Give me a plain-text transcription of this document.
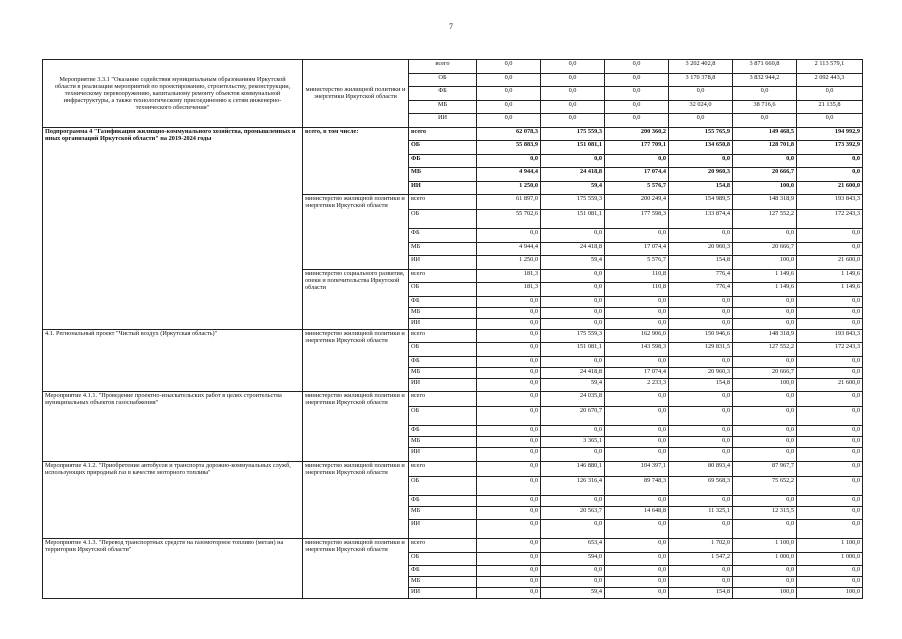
7
Мероприятие 3.3.1 "Оказание содействия муниципальным образованиям Иркутской области в реализации мероприятий по проектированию, строительству, реконструкции, техническому перевооружению, капитальному ремонту объектов коммунальной инфраструктуры, а также технологическому присоединению к сетям инженерно-технического обеспечения"	министерство жилищной политики и энергетики Иркутской области	всего	0,0	0,0	0,0	3 202 402,8	3 871 660,8	2 113 579,1
		ОБ	0,0	0,0	0,0	3 170 378,8	3 832 944,2	2 092 443,3
		ФБ	0,0	0,0	0,0	0,0	0,0	0,0
		МБ	0,0	0,0	0,0	32 024,0	38 716,6	21 135,8
		ИИ	0,0	0,0	0,0	0,0	0,0	0,0
Подпрограмма 4 "Газификация жилищно-коммунального хозяйства, промышленных и иных организаций Иркутской области" на 2019-2024 годы	всего, в том числе:	всего	62 078,3	175 559,3	200 360,2	155 765,9	149 468,5	194 992,9
		ОБ	55 883,9	151 081,1	177 709,1	134 650,8	128 701,8	173 392,9
		ФБ	0,0	0,0	0,0	0,0	0,0	0,0
		МБ	4 944,4	24 418,8	17 074,4	20 960,3	20 666,7	0,0
		ИИ	1 250,0	59,4	5 576,7	154,8	100,0	21 600,0
	министерство жилищной политики и энергетики Иркутской области	всего	61 897,0	175 559,3	200 249,4	154 989,5	148 318,9	193 843,3
		ОБ	55 702,6	151 081,1	177 598,3	133 874,4	127 552,2	172 243,3
		ФБ	0,0	0,0	0,0	0,0	0,0	0,0
		МБ	4 944,4	24 418,8	17 074,4	20 960,3	20 666,7	0,0
		ИИ	1 250,0	59,4	5 576,7	154,8	100,0	21 600,0
	министерство социального развития, опеки и попечительства Иркутской области	всего	181,3	0,0	110,8	776,4	1 149,6	1 149,6
		ОБ	181,3	0,0	110,8	776,4	1 149,6	1 149,6
		ФБ	0,0	0,0	0,0	0,0	0,0	0,0
		МБ	0,0	0,0	0,0	0,0	0,0	0,0
		ИИ	0,0	0,0	0,0	0,0	0,0	0,0
4.1. Региональный проект "Чистый воздух (Иркутская область)"	министерство жилищной политики и энергетики Иркутской области	всего	0,0	175 559,3	162 906,0	150 946,6	148 318,9	193 843,3
		ОБ	0,0	151 081,1	143 598,3	129 831,5	127 552,2	172 243,3
		ФБ	0,0	0,0	0,0	0,0	0,0	0,0
		МБ	0,0	24 418,8	17 074,4	20 960,3	20 666,7	0,0
		ИИ	0,0	59,4	2 233,3	154,8	100,0	21 600,0
Мероприятие 4.1.1. "Проведение проектно-изыскательских работ в целях строительства муниципальных объектов газоснабжения"	министерство жилищной политики и энергетики Иркутской области	всего	0,0	24 035,8	0,0	0,0	0,0	0,0
		ОБ	0,0	20 670,7	0,0	0,0	0,0	0,0
		ФБ	0,0	0,0	0,0	0,0	0,0	0,0
		МБ	0,0	3 365,1	0,0	0,0	0,0	0,0
		ИИ	0,0	0,0	0,0	0,0	0,0	0,0
Мероприятие 4.1.2. "Приобретение автобусов и транспорта дорожно-коммунальных служб, использующих природный газ в качестве моторного топлива"	министерство жилищной политики и энергетики Иркутской области	всего	0,0	146 880,1	104 397,1	80 893,4	87 967,7	0,0
		ОБ	0,0	126 316,4	89 748,3	69 568,3	75 652,2	0,0
		ФБ	0,0	0,0	0,0	0,0	0,0	0,0
		МБ	0,0	20 563,7	14 648,8	11 325,1	12 315,5	0,0
		ИИ	0,0	0,0	0,0	0,0	0,0	0,0
Мероприятие 4.1.3. "Перевод транспортных средств на газомоторное топливо (метан) на территории Иркутской области"	министерство жилищной политики и энергетики Иркутской области	всего	0,0	653,4	0,0	1 702,0	1 100,0	1 100,0
		ОБ	0,0	594,0	0,0	1 547,2	1 000,0	1 000,0
		ФБ	0,0	0,0	0,0	0,0	0,0	0,0
		МБ	0,0	0,0	0,0	0,0	0,0	0,0
		ИИ	0,0	59,4	0,0	154,8	100,0	100,0
